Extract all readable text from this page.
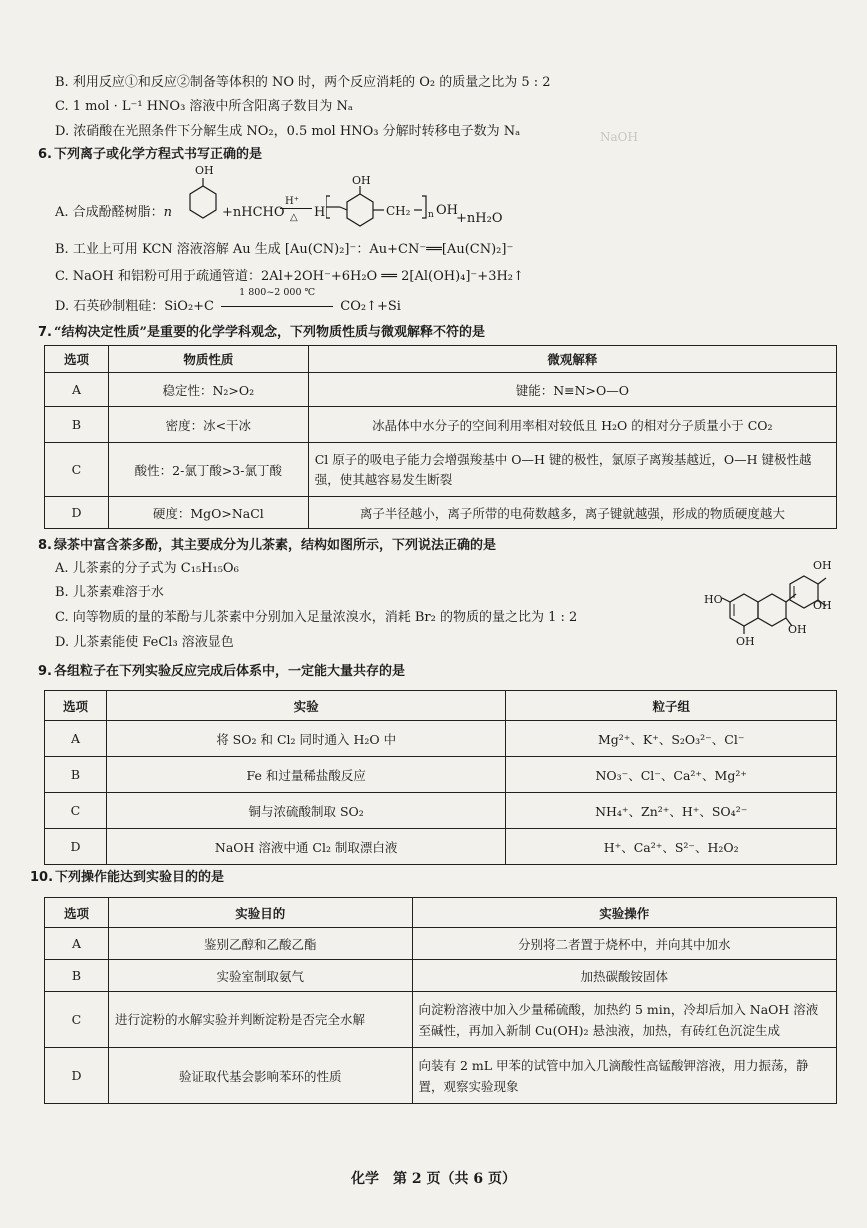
NaOH
B. 利用反应①和反应②制备等体积的 NO 时，两个反应消耗的 O₂ 的质量之比为 5 : 2
C. 1 mol · L⁻¹ HNO₃ 溶液中所含阳离子数目为 Nₐ
D. 浓硝酸在光照条件下分解生成 NO₂，0.5 mol HNO₃ 分解时转移电子数为 Nₐ
6. 下列离子或化学方程式书写正确的是
A. 合成酚醛树脂：n
OH
+nHCHO
H⁺
△ H
OH
CH₂ n OH
+nH₂O
B. 工业上可用 KCN 溶液溶解 Au 生成 [Au(CN)₂]⁻：Au+CN⁻══[Au(CN)₂]⁻
C. NaOH 和铝粉可用于疏通管道：2Al+2OH⁻+6H₂O ══ 2[Al(OH)₄]⁻+3H₂↑
D. 石英砂制粗硅：SiO₂+C
1 800~2 000 ℃
CO₂↑+Si
7. “结构决定性质”是重要的化学学科观念，下列物质性质与微观解释不符的是
选项	物质性质	微观解释
A	稳定性：N₂>O₂	键能：N≡N>O—O
B	密度：冰<干冰	冰晶体中水分子的空间利用率相对较低且 H₂O 的相对分子质量小于 CO₂
C	酸性：2-氯丁酸>3-氯丁酸	Cl 原子的吸电子能力会增强羧基中 O—H 键的极性，氯原子离羧基越近，O—H 键极性越强，使其越容易发生断裂
D	硬度：MgO>NaCl	离子半径越小，离子所带的电荷数越多，离子键就越强，形成的物质硬度越大
8. 绿茶中富含茶多酚，其主要成分为儿茶素，结构如图所示，下列说法正确的是
A. 儿茶素的分子式为 C₁₅H₁₅O₆
B. 儿茶素难溶于水
C. 向等物质的量的苯酚与儿茶素中分别加入足量浓溴水，消耗 Br₂ 的物质的量之比为 1 : 2
D. 儿茶素能使 FeCl₃ 溶液显色
OH
OH
HO
OH
OH
9. 各组粒子在下列实验反应完成后体系中，一定能大量共存的是
选项	实验	粒子组
A	将 SO₂ 和 Cl₂ 同时通入 H₂O 中	Mg²⁺、K⁺、S₂O₃²⁻、Cl⁻
B	Fe 和过量稀盐酸反应	NO₃⁻、Cl⁻、Ca²⁺、Mg²⁺
C	铜与浓硫酸制取 SO₂	NH₄⁺、Zn²⁺、H⁺、SO₄²⁻
D	NaOH 溶液中通 Cl₂ 制取漂白液	H⁺、Ca²⁺、S²⁻、H₂O₂
10. 下列操作能达到实验目的的是
选项	实验目的	实验操作
A	鉴别乙醇和乙酸乙酯	分别将二者置于烧杯中，并向其中加水
B	实验室制取氨气	加热碳酸铵固体
C	进行淀粉的水解实验并判断淀粉是否完全水解	向淀粉溶液中加入少量稀硫酸，加热约 5 min，冷却后加入 NaOH 溶液至碱性，再加入新制 Cu(OH)₂ 悬浊液，加热，有砖红色沉淀生成
D	验证取代基会影响苯环的性质	向装有 2 mL 甲苯的试管中加入几滴酸性高锰酸钾溶液，用力振荡，静置，观察实验现象
化学　第 2 页（共 6 页）
